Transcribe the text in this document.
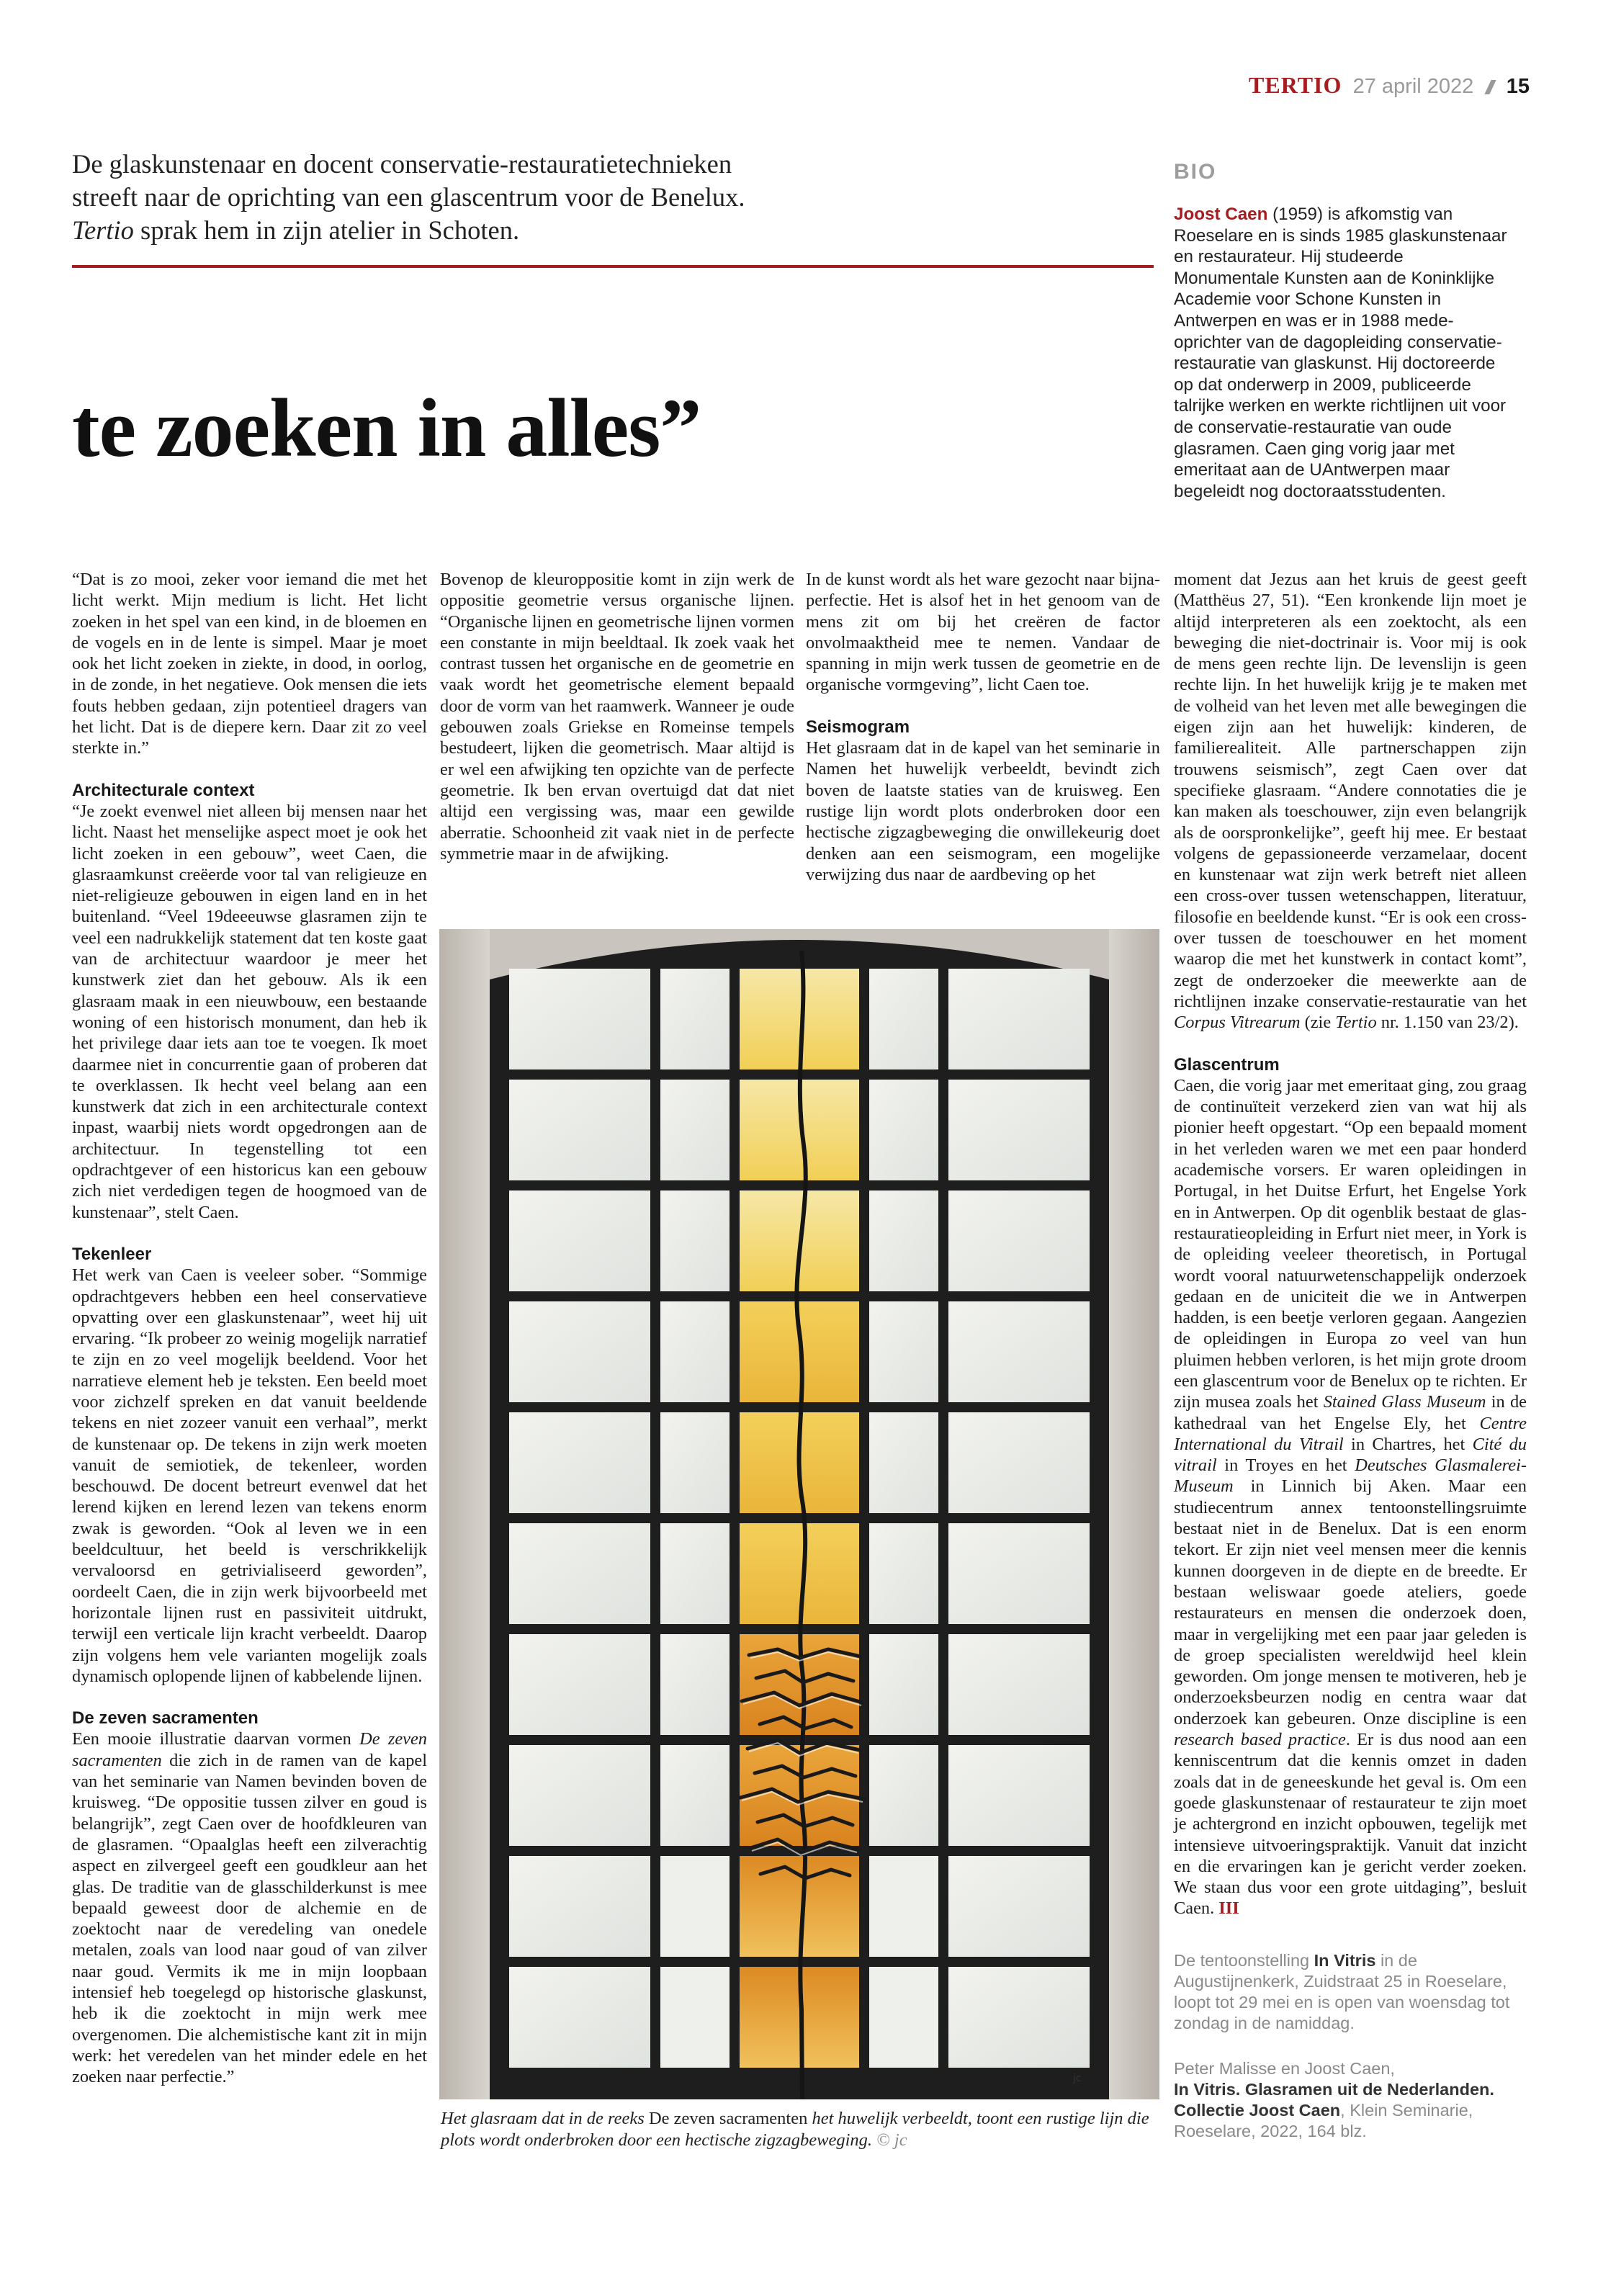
TERTIO 27 april 2022 15
De glaskunstenaar en docent conservatie-restauratietechnieken
streeft naar de oprichting van een glascentrum voor de Benelux.
Tertio sprak hem in zijn atelier in Schoten.
te zoeken in alles”
BIO
Joost Caen (1959) is afkomstig van Roeselare en is sinds 1985 glaskunstenaar en restaurateur. Hij studeerde Monumentale Kunsten aan de Koninklijke Academie voor Schone Kunsten in Antwerpen en was er in 1988 mede-oprichter van de dagopleiding conservatie-restauratie van glaskunst. Hij doctoreerde op dat onderwerp in 2009, publiceerde talrijke werken en werkte richtlijnen uit voor de conservatie-restauratie van oude glasramen. Caen ging vorig jaar met emeritaat aan de UAntwerpen maar begeleidt nog doctoraatsstudenten.

“Dat is zo mooi, zeker voor iemand die met het licht werkt. Mijn medium is licht. Het licht zoeken in het spel van een kind, in de bloemen en de vogels en in de lente is simpel. Maar je moet ook het licht zoeken in ziekte, in dood, in oorlog, in de zonde, in het negatieve. Ook mensen die iets fouts hebben gedaan, zijn potentieel dragers van het licht. Dat is de diepere kern. Daar zit zo veel sterkte in.”

Architecturale context

“Je zoekt evenwel niet alleen bij mensen naar het licht. Naast het menselijke aspect moet je ook het licht zoeken in een gebouw”, weet Caen, die glasraamkunst creëerde voor tal van religieuze en niet-religieuze gebouwen in eigen land en in het buitenland. “Veel 19deeeuwse glasramen zijn te veel een nadrukkelijk statement dat ten koste gaat van de architectuur waardoor je meer het kunstwerk ziet dan het gebouw. Als ik een glasraam maak in een nieuwbouw, een bestaande woning of een historisch monument, dan heb ik het privilege daar iets aan toe te voegen. Ik moet daarmee niet in concurrentie gaan of proberen dat te overklassen. Ik hecht veel belang aan een kunstwerk dat zich in een architecturale context inpast, waarbij niets wordt opgedrongen aan de architectuur. In tegenstelling tot een opdrachtgever of een historicus kan een gebouw zich niet verdedigen tegen de hoogmoed van de kunstenaar”, stelt Caen.

Tekenleer

Het werk van Caen is veeleer sober. “Sommige opdrachtgevers hebben een heel conservatieve opvatting over een glaskunstenaar”, weet hij uit ervaring. “Ik probeer zo weinig mogelijk narratief te zijn en zo veel mogelijk beeldend. Voor het narratieve element heb je teksten. Een beeld moet voor zichzelf spreken en dat vanuit beeldende tekens en niet zozeer vanuit een verhaal”, merkt de kunstenaar op. De tekens in zijn werk moeten vanuit de semiotiek, de tekenleer, worden beschouwd. De docent betreurt evenwel dat het lerend kijken en lerend lezen van tekens enorm zwak is geworden. “Ook al leven we in een beeldcultuur, het beeld is verschrikkelijk vervaloorsd en getrivialiseerd geworden”, oordeelt Caen, die in zijn werk bijvoorbeeld met horizontale lijnen rust en passiviteit uitdrukt, terwijl een verticale lijn kracht verbeeldt. Daarop zijn volgens hem vele varianten mogelijk zoals dynamisch oplopende lijnen of kabbelende lijnen.

De zeven sacramenten

Een mooie illustratie daarvan vormen De zeven sacramenten die zich in de ramen van de kapel van het seminarie van Namen bevinden boven de kruisweg. “De oppositie tussen zilver en goud is belangrijk”, zegt Caen over de hoofdkleuren van de glasramen. “Opaalglas heeft een zilverachtig aspect en zilvergeel geeft een goudkleur aan het glas. De traditie van de glasschilderkunst is mee bepaald geweest door de alchemie en de zoektocht naar de veredeling van onedele metalen, zoals van lood naar goud of van zilver naar goud. Vermits ik me in mijn loopbaan intensief heb toegelegd op historische glaskunst, heb ik die zoektocht in mijn werk mee overgenomen. Die alchemistische kant zit in mijn werk: het veredelen van het minder edele en het zoeken naar perfectie.”

Bovenop de kleuroppositie komt in zijn werk de oppositie geometrie versus organische lijnen. “Organische lijnen en geometrische lijnen vormen een constante in mijn beeldtaal. Ik zoek vaak het contrast tussen het organische en de geometrie en vaak wordt het geometrische element bepaald door de vorm van het raamwerk. Wanneer je oude gebouwen zoals Griekse en Romeinse tempels bestudeert, lijken die geometrisch. Maar altijd is er wel een afwijking ten opzichte van de perfecte geometrie. Ik ben ervan overtuigd dat dat niet altijd een vergissing was, maar een gewilde aberratie. Schoonheid zit vaak niet in de perfecte symmetrie maar in de afwijking.

In de kunst wordt als het ware gezocht naar bijna-perfectie. Het is alsof het in het genoom van de mens zit om bij het creëren de factor onvolmaaktheid mee te nemen. Vandaar de spanning in mijn werk tussen de geometrie en de organische vormgeving”, licht Caen toe.

Seismogram

Het glasraam dat in de kapel van het seminarie in Namen het huwelijk verbeeldt, bevindt zich boven de laatste staties van de kruisweg. Een rustige lijn wordt plots onderbroken door een hectische zigzagbeweging die onwillekeurig doet denken aan een seismogram, een mogelijke verwijzing dus naar de aardbeving op het

moment dat Jezus aan het kruis de geest geeft (Matthëus 27, 51). “Een kronkende lijn moet je altijd interpreteren als een zoektocht, als een beweging die niet-doctrinair is. Voor mij is ook de mens geen rechte lijn. De levenslijn is geen rechte lijn. In het huwelijk krijg je te maken met de volheid van het leven met alle bewegingen die eigen zijn aan het huwelijk: kinderen, de familierealiteit. Alle partnerschappen zijn trouwens seismisch”, zegt Caen over dat specifieke glasraam. “Andere connotaties die je kan maken als toeschouwer, zijn even belangrijk als de oorspronkelijke”, geeft hij mee. Er bestaat volgens de gepassioneerde verzamelaar, docent en kunstenaar wat zijn werk betreft niet alleen een cross-over tussen wetenschappen, literatuur, filosofie en beeldende kunst. “Er is ook een cross-over tussen de toeschouwer en het moment waarop die met het kunstwerk in contact komt”, zegt de onderzoeker die meewerkte aan de richtlijnen inzake conservatie-restauratie van het Corpus Vitrearum (zie Tertio nr. 1.150 van 23/2).

Glascentrum

Caen, die vorig jaar met emeritaat ging, zou graag de continuïteit verzekerd zien van wat hij als pionier heeft opgestart. “Op een bepaald moment in het verleden waren we met een paar honderd academische vorsers. Er waren opleidingen in Portugal, in het Duitse Erfurt, het Engelse York en in Antwerpen. Op dit ogenblik bestaat de glas-restauratieopleiding in Erfurt niet meer, in York is de opleiding veeleer theoretisch, in Portugal wordt vooral natuurwetenschappelijk onderzoek gedaan en de uniciteit die we in Antwerpen hadden, is een beetje verloren gegaan. Aangezien de opleidingen in Europa zo veel van hun pluimen hebben verloren, is het mijn grote droom een glascentrum voor de Benelux op te richten. Er zijn musea zoals het Stained Glass Museum in de kathedraal van het Engelse Ely, het Centre International du Vitrail in Chartres, het Cité du vitrail in Troyes en het Deutsches Glasmalerei-Museum in Linnich bij Aken. Maar een studiecentrum annex tentoonstellingsruimte bestaat niet in de Benelux. Dat is een enorm tekort. Er zijn niet veel mensen meer die kennis kunnen doorgeven in de diepte en de breedte. Er bestaan weliswaar goede ateliers, goede restaurateurs en mensen die onderzoek doen, maar in vergelijking met een paar jaar geleden is de groep specialisten wereldwijd heel klein geworden. Om jonge mensen te motiveren, heb je onderzoeksbeurzen nodig en centra waar dat onderzoek kan gebeuren. Onze discipline is een research based practice. Er is dus nood aan een kenniscentrum dat die kennis omzet in daden zoals dat in de geneeskunde het geval is. Om een goede glaskunstenaar of restaurateur te zijn moet je achtergrond en inzicht opbouwen, tegelijk met intensieve uitvoeringspraktijk. Vanuit dat inzicht en die ervaringen kan je gericht verder zoeken. We staan dus voor een grote uitdaging”, besluit Caen. III

De tentoonstelling In Vitris in de Augustijnenkerk, Zuidstraat 25 in Roeselare, loopt tot 29 mei en is open van woensdag tot zondag in de namiddag.
Peter Malisse en Joost Caen,
In Vitris. Glasramen uit de Nederlanden. Collectie Joost Caen, Klein Seminarie, Roeselare, 2022, 164 blz.
jc
Het glasraam dat in de reeks De zeven sacramenten het huwelijk verbeeldt, toont een rustige lijn die plots wordt onderbroken door een hectische zigzagbeweging. © jc
